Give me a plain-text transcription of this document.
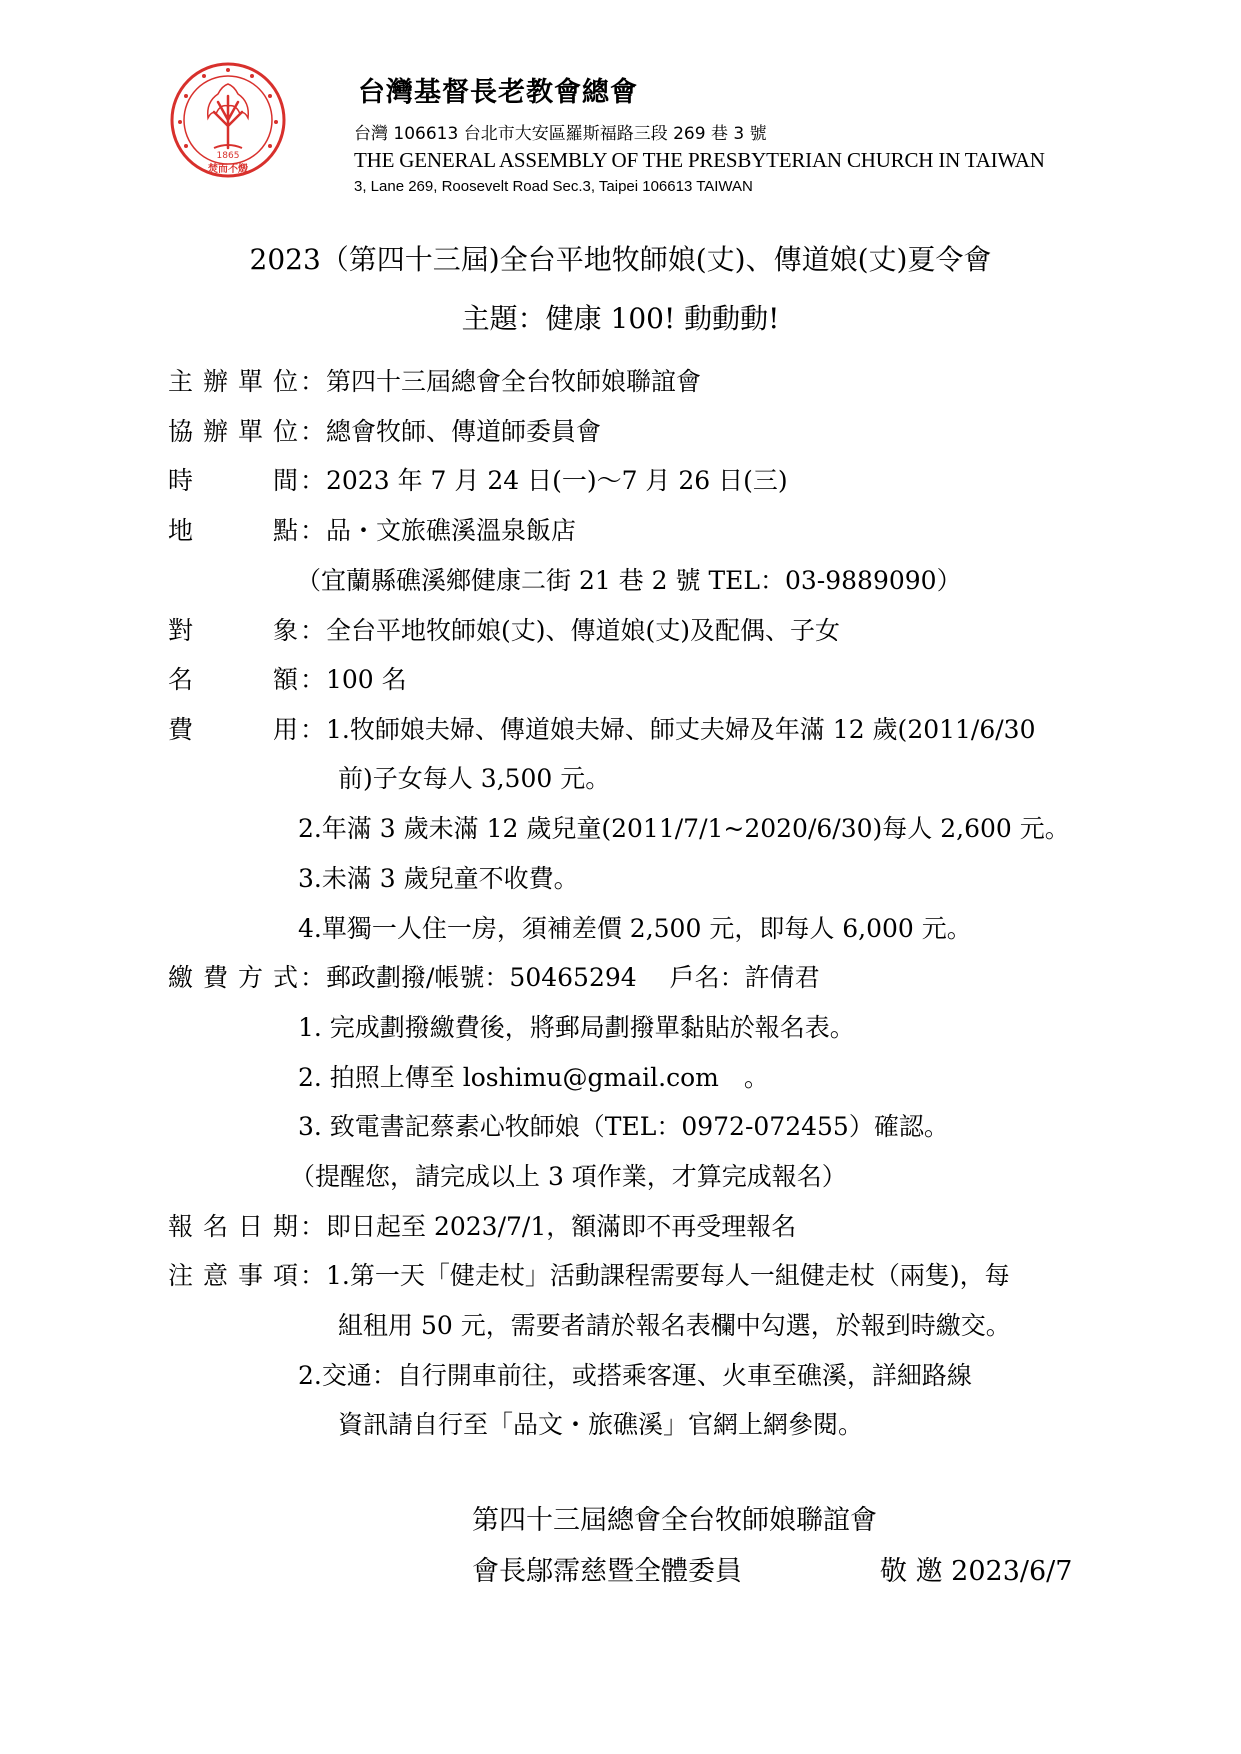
1865
焚而不燬
台灣基督長老教會總會
台灣 106613 台北市大安區羅斯福路三段 269 巷 3 號
THE GENERAL ASSEMBLY OF THE PRESBYTERIAN CHURCH IN TAIWAN
3, Lane 269, Roosevelt Road Sec.3, Taipei 106613 TAIWAN
2023（第四十三屆)全台平地牧師娘(丈)、傳道娘(丈)夏令會
主題：健康 100! 動動動!
主辦單位 ： 第四十三屆總會全台牧師娘聯誼會
協辦單位 ： 總會牧師、傳道師委員會
時間 ： 2023 年 7 月 24 日(一)～7 月 26 日(三)
地點 ： 品・文旅礁溪溫泉飯店
（宜蘭縣礁溪鄉健康二街 21 巷 2 號 TEL：03-9889090）
對象 ： 全台平地牧師娘(丈)、傳道娘(丈)及配偶、子女
名額 ： 100 名
費用 ： 1.牧師娘夫婦、傳道娘夫婦、師丈夫婦及年滿 12 歲(2011/6/30
前)子女每人 3,500 元。
2.年滿 3 歲未滿 12 歲兒童(2011/7/1~2020/6/30)每人 2,600 元。
3.未滿 3 歲兒童不收費。
4.單獨一人住一房，須補差價 2,500 元，即每人 6,000 元。
繳費方式 ： 郵政劃撥/帳號：50465294　 戶名：許倩君
1. 完成劃撥繳費後，將郵局劃撥單黏貼於報名表。
2. 拍照上傳至 loshimu@gmail.com　。
3. 致電書記蔡素心牧師娘（TEL：0972-072455）確認。
（提醒您，請完成以上 3 項作業，才算完成報名）
報名日期 ： 即日起至 2023/7/1，額滿即不再受理報名
注意事項 ： 1.第一天「健走杖」活動課程需要每人一組健走杖（兩隻)，每
組租用 50 元，需要者請於報名表欄中勾選，於報到時繳交。
2.交通：自行開車前往，或搭乘客運、火車至礁溪，詳細路線
資訊請自行至「品文・旅礁溪」官網上網參閱。
第四十三屆總會全台牧師娘聯誼會
會長鄔霈慈暨全體委員	敬 邀 2023/6/7
